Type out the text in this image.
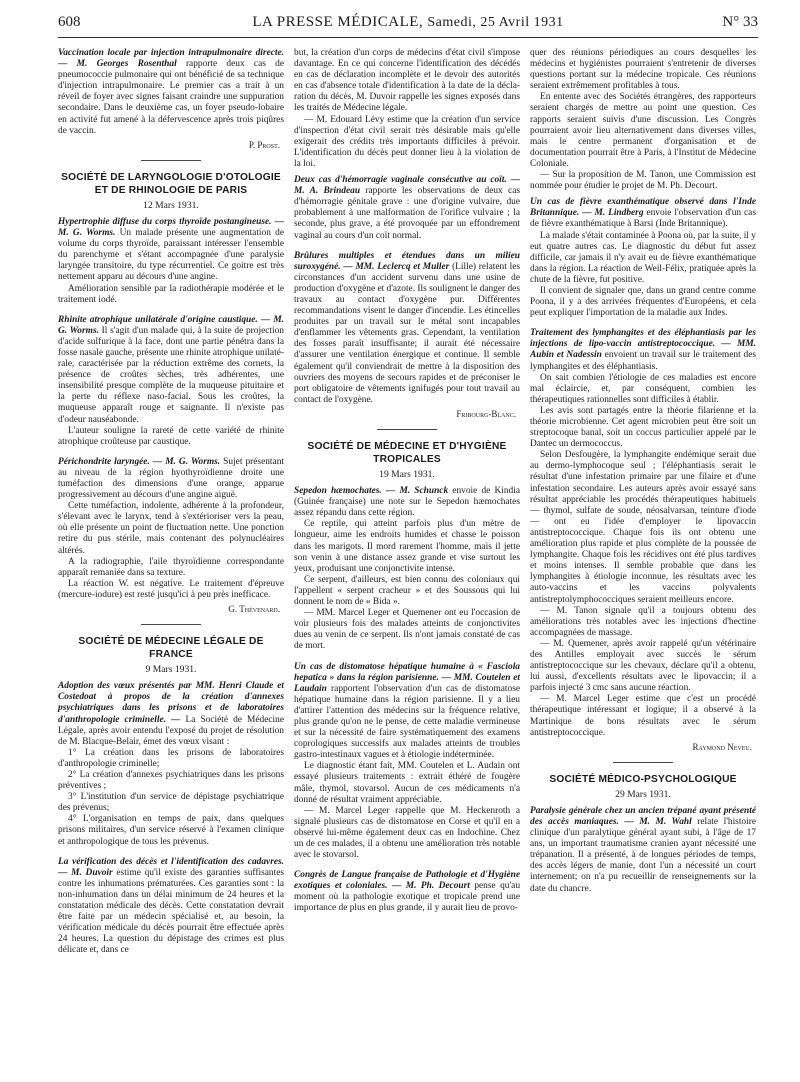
608	LA PRESSE MÉDICALE, Samedi, 25 Avril 1931	N° 33

Vaccination locale par injection intrapulmonaire directe. — M. Georges Rosenthal rapporte deux cas de pneumococcie pulmonaire qui ont bénéficié de sa technique d'injection intrapulmonaire. Le premier cas a trait à un réveil de foyer avec signes faisant craindre une suppuration secondaire. Dans le deuxième cas, un foyer pseudo-lobaire en activité fut amené à la défervescence après trois piqûres de vaccin.

P. Prost.
SOCIÉTÉ DE LARYNGOLOGIE D'OTOLOGIE ET DE RHINOLOGIE DE PARIS
12 Mars 1931.

Hypertrophie diffuse du corps thyroïde postangineuse. — M. G. Worms. Un malade présente une augmentation de volume du corps thyroïde, paraissant intéresser l'ensemble du parenchyme et s'étant accompagnée d'une paralysie laryngée transitoire, du type récurrentiel. Ce goitre est très nettement apparu au décours d'une angine.

Amélioration sensible par la radiothérapie modérée et le traitement iodé.

Rhinite atrophique unilatérale d'origine caustique. — M. G. Worms. Il s'agit d'un malade qui, à la suite de projection d'acide sulfurique à la face, dont une partie pénétra dans la fosse nasale gauche, présente une rhinite atrophique unilatérale, caractérisée par la réduction extrême des cornets, la présence de croûtes sèches, très adhérentes, une insensibilité presque complète de la muqueuse pituitaire et la perte du réflexe naso-facial. Sous les croûtes, la muqueuse apparaît rouge et saignante. Il n'existe pas d'odeur nauséabonde.

L'auteur souligne la rareté de cette variété de rhinite atrophique croûteuse par caustique.

Périchondrite laryngée. — M. G. Worms. Sujet présentant au niveau de la région hyothyroïdienne droite une tuméfaction des dimensions d'une orange, apparue progressivement au décours d'une angine aiguë.

Cette tuméfaction, indolente, adhérente à la profondeur, s'élevant avec le larynx, tend à s'extérioriser vers la peau, où elle présente un point de fluctuation nette. Une ponction retire du pus stérile, mais contenant des polynucléaires altérés.

A la radiographie, l'aile thyroïdienne correspondante apparaît remaniée dans sa texture.

La réaction W. est négative. Le traitement d'épreuve (mercure-iodure) est resté jusqu'ici à peu près inefficace.

G. Thévenard.
SOCIÉTÉ DE MÉDECINE LÉGALE DE FRANCE
9 Mars 1931.

Adoption des vœux présentés par MM. Henri Claude et Costedoat à propos de la création d'annexes psychiatriques dans les prisons et de laboratoires d'anthropologie criminelle. — La Société de Médecine Légale, après avoir entendu l'exposé du projet de résolution de M. Blacque-Belair, émet des vœux visant :

1° La création dans les prisons de laboratoires d'anthropologie criminelle;

2° La création d'annexes psychiatriques dans les prisons préventives ;

3° L'institution d'un service de dépistage psychiatrique des prévenus;

4° L'organisation en temps de paix, dans quelques prisons militaires, d'un service réservé à l'examen clinique et anthropologique de tous les prévenus.

La vérification des décès et l'identification des cadavres. — M. Duvoir estime qu'il existe des garanties suffisantes contre les inhumations prématurées. Ces garanties sont : la non-inhumation dans un délai minimum de 24 heures et la constatation médicale des décès. Cette constatation devrait être faite par un médecin spécialisé et, au besoin, la vérification médicale du décès pourrait être effectuée après 24 heures. La question du dépistage des crimes est plus délicate et, dans ce

but, la création d'un corps de médecins d'état civil s'impose davantage. En ce qui concerne l'identification des décédés en cas de déclaration incomplète et le devoir des autorités en cas d'absence totale d'identification à la date de la déclaration du décès, M. Duvoir rappelle les signes exposés dans les traités de Médecine légale.

— M. Edouard Lévy estime que la création d'un service d'inspection d'état civil serait très désirable mais qu'elle exigerait des crédits très importants difficiles à prévoir. L'identification du décès peut donner lieu à la violation de la loi.

Deux cas d'hémorragie vaginale consécutive au coït. — M. A. Brindeau rapporte les observations de deux cas d'hémorragie génitale grave : une d'origine vulvaire, due probablement à une malformation de l'orifice vulvaire ; la seconde, plus grave, a été provoquée par un effondrement vaginal au cours d'un coït normal.

Brûlures multiples et étendues dans un milieu suroxygéné. — MM. Leclercq et Muller (Lille) relatent les circonstances d'un accident survenu dans une usine de production d'oxygène et d'azote. Ils soulignent le danger des travaux au contact d'oxygène pur. Différentes recommandations visent le danger d'incendie. Les étincelles produites par un travail sur le métal sont incapables d'enflammer les vêtements gras. Cependant, la ventilation des fosses paraît insuffisante; il aurait été nécessaire d'assurer une ventilation énergique et continue. Il semble également qu'il conviendrait de mettre à la disposition des ouvriers des moyens de secours rapides et de préconiser le port obligatoire de vêtements ignifugés pour tout travail au contact de l'oxygène.

Fribourg-Blanc.
SOCIÉTÉ DE MÉDECINE ET D'HYGIÈNE TROPICALES
19 Mars 1931.

Sepedon hæmochates. — M. Schunck envoie de Kindia (Guinée française) une note sur le Sepedon hæmochates assez répandu dans cette région.

Ce reptile, qui atteint parfois plus d'un mètre de longueur, aime les endroits humides et chasse le poisson dans les marigots. Il mord rarement l'homme, mais il jette son venin à une distance assez grande et vise surtout les yeux, produisant une conjonctivite intense.

Ce serpent, d'ailleurs, est bien connu des coloniaux qui l'appellent « serpent cracheur » et des Soussous qui lui donnent le nom de « Bida ».

— MM. Marcel Leger et Quemener ont eu l'occasion de voir plusieurs fois des malades atteints de conjonctivites dues au venin de ce serpent. Ils n'ont jamais constaté de cas de mort.

Un cas de distomatose hépatique humaine à « Fasciola hepatica » dans la région parisienne. — MM. Coutelen et Laudain rapportent l'observation d'un cas de distomatose hépatique humaine dans la région parisienne. Il y a lieu d'attirer l'attention des médecins sur la fréquence relative, plus grande qu'on ne le pense, de cette maladie vermineuse et sur la nécessité de faire systématiquement des examens coprologiques successifs aux malades atteints de troubles gastro-intestinaux vagues et à étiologie indéterminée.

Le diagnostic étant fait, MM. Coutelen et L. Audain ont essayé plusieurs traitements : extrait éthéré de fougère mâle, thymol, stovarsol. Aucun de ces médicaments n'a donné de résultat vraiment appréciable.

— M. Marcel Leger rappelle que M. Heckenroth a signalé plusieurs cas de distomatose en Corse et qu'il en a observé lui-même également deux cas en Indochine. Chez un de ces malades, il a obtenu une amélioration très notable avec le stovarsol.

Congrès de Langue française de Pathologie et d'Hygiène exotiques et coloniales. — M. Ph. Decourt pense qu'au moment où la pathologie exotique et tropicale prend une importance de plus en plus grande, il y aurait lieu de provo-

quer des réunions périodiques au cours desquelles les médecins et hygiénistes pourraient s'entretenir de diverses questions portant sur la médecine tropicale. Ces réunions seraient extrêmement profitables à tous.

En entente avec des Sociétés étrangères, des rapporteurs seraient chargés de mettre au point une question. Ces rapports seraient suivis d'une discussion. Les Congrès pourraient avoir lieu alternativement dans diverses villes, mais le centre permanent d'organisation et de documentation pourrait être à Paris, à l'Institut de Médecine Coloniale.

— Sur la proposition de M. Tanon, une Commission est nommée pour étudier le projet de M. Ph. Decourt.

Un cas de fièvre exanthématique observé dans l'Inde Britannique. — M. Lindberg envoie l'observation d'un cas de fièvre exanthématique à Barsi (Inde Britannique).

La malade s'était contaminée à Poona où, par la suite, il y eut quatre autres cas. Le diagnostic du début fut assez difficile, car jamais il n'y avait eu de fièvre exanthématique dans la région. La réaction de Weil-Félix, pratiquée après la chute de la fièvre, fut positive.

Il convient de signaler que, dans un grand centre comme Poona, il y a des arrivées fréquentes d'Européens, et cela peut expliquer l'importation de la maladie aux Indes.

Traitement des lymphangites et des éléphantiasis par les injections de lipo-vaccin antistreptococcique. — MM. Aubin et Nadessin envoient un travail sur le traitement des lymphangites et des éléphantiasis.

On sait combien l'étiologie de ces maladies est encore mal éclaircie, et, par conséquent, combien les thérapeutiques rationnelles sont difficiles à établir.

Les avis sont partagés entre la théorie filarienne et la théorie microbienne. Cet agent microbien peut être soit un streptocoque banal, soit un coccus particulier appelé par le Dantec un dermococcus.

Selon Desfougère, la lymphangite endémique serait due au dermo-lymphocoque seul ; l'éléphantiasis serait le résultat d'une infestation primaire par une filaire et d'une infestation secondaire. Les auteurs après avoir essayé sans résultat appréciable les procédés thérapeutiques habituels — thymol, sulfate de soude, néosalvarsan, teinture d'iode — ont eu l'idée d'employer le lipovaccin antistreptococcique. Chaque fois ils ont obtenu une amélioration plus rapide et plus complète de la poussée de lymphangite. Chaque fois les récidives ont été plus tardives et moins intenses. Il semble probable que dans les lymphangites à étiologie inconnue, les résultats avec les auto-vaccins et les vaccins polyvalents antistreptolymphococciques seraient meilleurs encore.

— M. Tanon signale qu'il a toujours obtenu des améliorations très notables avec les injections d'hectine accompagnées de massage.

— M. Quemener, après avoir rappelé qu'un vétérinaire des Antilles employait avec succès le sérum antistreptococcique sur les chevaux, déclare qu'il a obtenu, lui aussi, d'excellents résultats avec le lipovaccin; il a parfois injecté 3 cmc sans aucune réaction.

— M. Marcel Leger estime que c'est un procédé thérapeutique intéressant et logique; il a observé à la Martinique de bons résultats avec le sérum antistreptococcique.

Raymond Neveu.
SOCIÉTÉ MÉDICO-PSYCHOLOGIQUE
29 Mars 1931.

Paralysie générale chez un ancien trépané ayant présenté des accès maniaques. — M. M. Wahl relate l'histoire clinique d'un paralytique général ayant subi, à l'âge de 17 ans, un important traumatisme cranien ayant nécessité une trépanation. Il a présenté, à de longues périodes de temps, des accès légers de manie, dont l'un a nécessité un court internement; on n'a pu recueillir de renseignements sur la date du chancre.
